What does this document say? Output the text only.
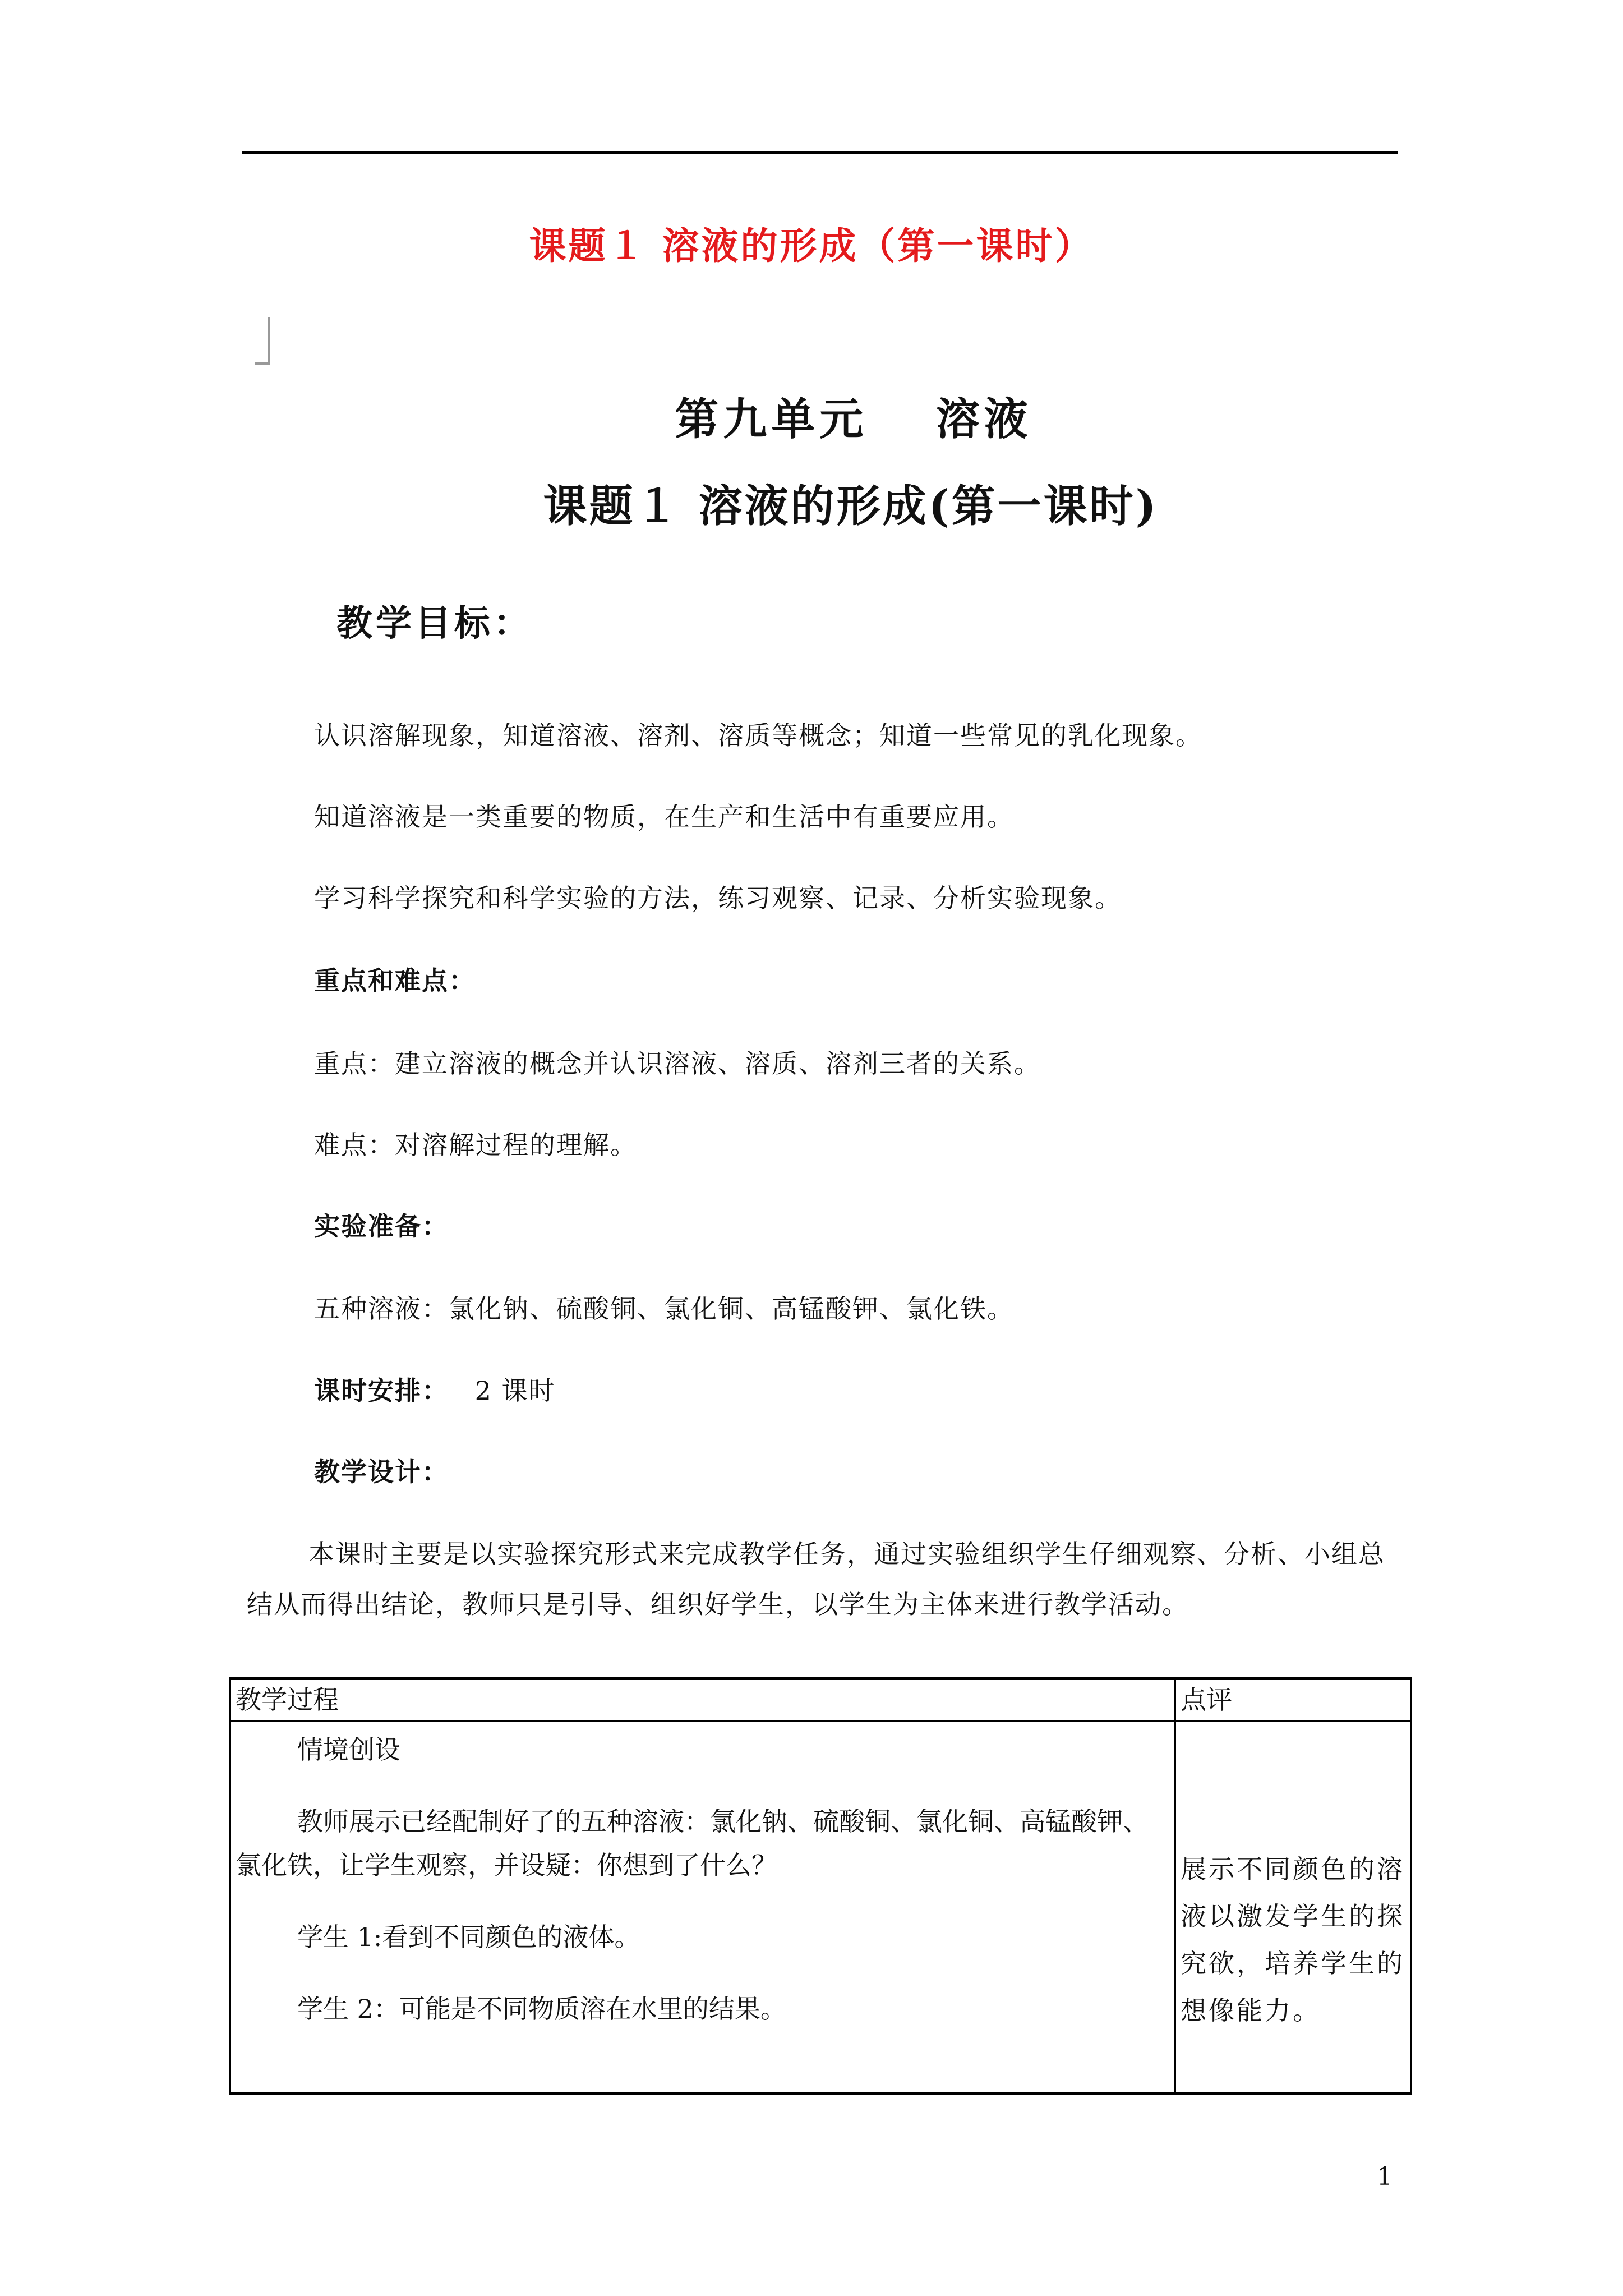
课题１ 溶液的形成（第一课时）
第九单元　 溶液
课题１ 溶液的形成(第一课时)
教学目标：
认识溶解现象，知道溶液、溶剂、溶质等概念；知道一些常见的乳化现象。
知道溶液是一类重要的物质，在生产和生活中有重要应用。
学习科学探究和科学实验的方法，练习观察、记录、分析实验现象。
重点和难点：
重点：建立溶液的概念并认识溶液、溶质、溶剂三者的关系。
难点：对溶解过程的理解。
实验准备：
五种溶液：氯化钠、硫酸铜、氯化铜、高锰酸钾、氯化铁。
课时安排： 2 课时
教学设计：
本课时主要是以实验探究形式来完成教学任务，通过实验组织学生仔细观察、分析、小组总结从而得出结论，教师只是引导、组织好学生，以学生为主体来进行教学活动。
教学过程	点评

情境创设

教师展示已经配制好了的五种溶液：氯化钠、硫酸铜、氯化铜、高锰酸钾、氯化铁，让学生观察，并设疑：你想到了什么？

学生 1:看到不同颜色的液体。

学生 2：可能是不同物质溶在水里的结果。	展示不同颜色的溶液以激发学生的探究欲，培养学生的想像能力。
1
